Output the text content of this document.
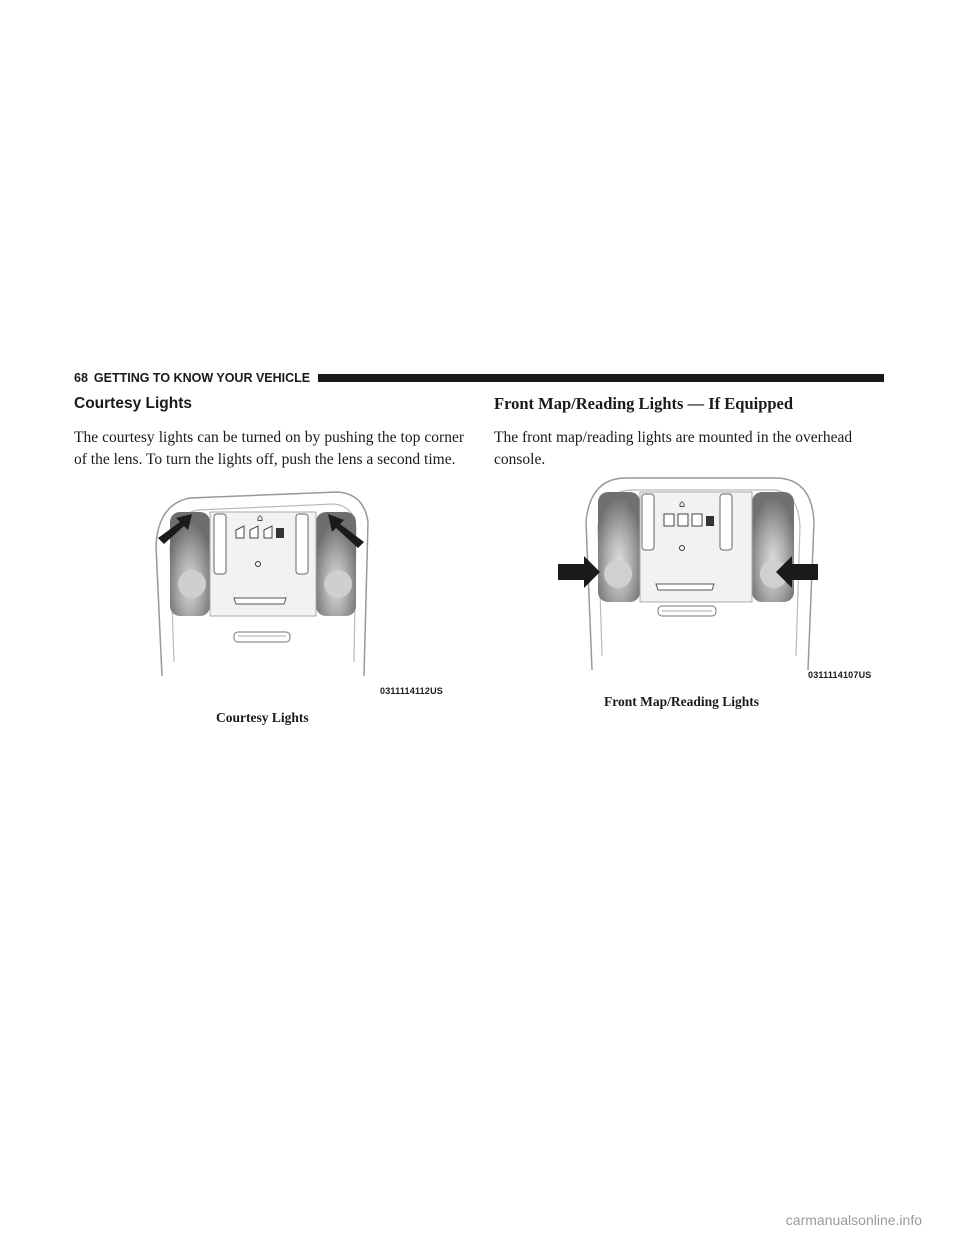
68 GETTING TO KNOW YOUR VEHICLE
Courtesy Lights

The courtesy lights can be turned on by pushing the top corner of the lens. To turn the lights off, push the lens a second time.

Front Map/Reading Lights — If Equipped

The front map/reading lights are mounted in the overhead console.

⌂
0311114112US
Courtesy Lights
⌂
0311114107US
Front Map/Reading Lights
carmanualsonline.info
